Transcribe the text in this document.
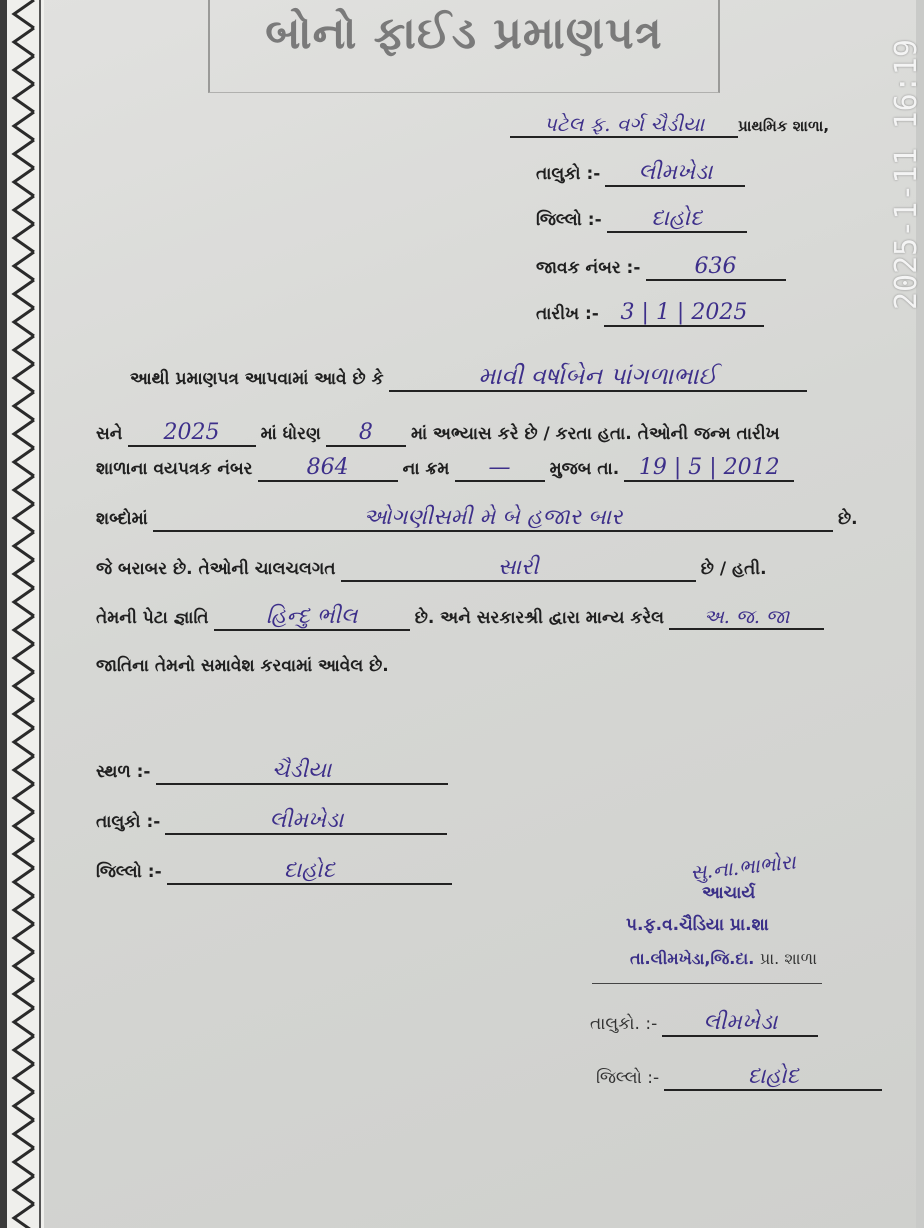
બોનો ફાઈડ પ્રમાણપત્ર
2025-1-11 16:19
પટેલ ફ. વર્ગ ચૈડીયા પ્રાથમિક શાળા,
તાલુકો :- લીમખેડા
જિલ્લો :- દાહોદ
જાવક નંબર :- 636
તારીખ :- 3 | 1 | 2025
આથી પ્રમાણપત્ર આપવામાં આવે છે કે	માવી વર્ષાબેન પાંગળાભાઈ
સને 2025 માં ધોરણ 8 માં અભ્યાસ કરે છે / કરતા હતા. તેઓની જન્મ તારીખ
શાળાના વયપત્રક નંબર 864	ના ક્રમ — મુજબ તા. 19 | 5 | 2012
શબ્દોમાં	ઓગણીસમી મે બે હજાર બાર	છે.
જે બરાબર છે. તેઓની ચાલચલગત	સારી	છે / હતી.
તેમની પેટા જ્ઞાતિ	હિન્દુ ભીલ	છે. અને સરકારશ્રી દ્વારા માન્ય કરેલ અ. જ. જા
જાતિના તેમનો સમાવેશ કરવામાં આવેલ છે.
સ્થળ :-	ચૈડીયા
તાલુકો :-	લીમખેડા
જિલ્લો :-	દાહોદ	સુ.ના.ભાભોરા
આચાર્ય
પ.ફ.વ.ચૈડિયા પ્રા.શા
તા.લીમખેડા,જિ.દા. પ્રા. શાળા
તાલુકો. :- લીમખેડા
જિલ્લો :-	દાહોદ
